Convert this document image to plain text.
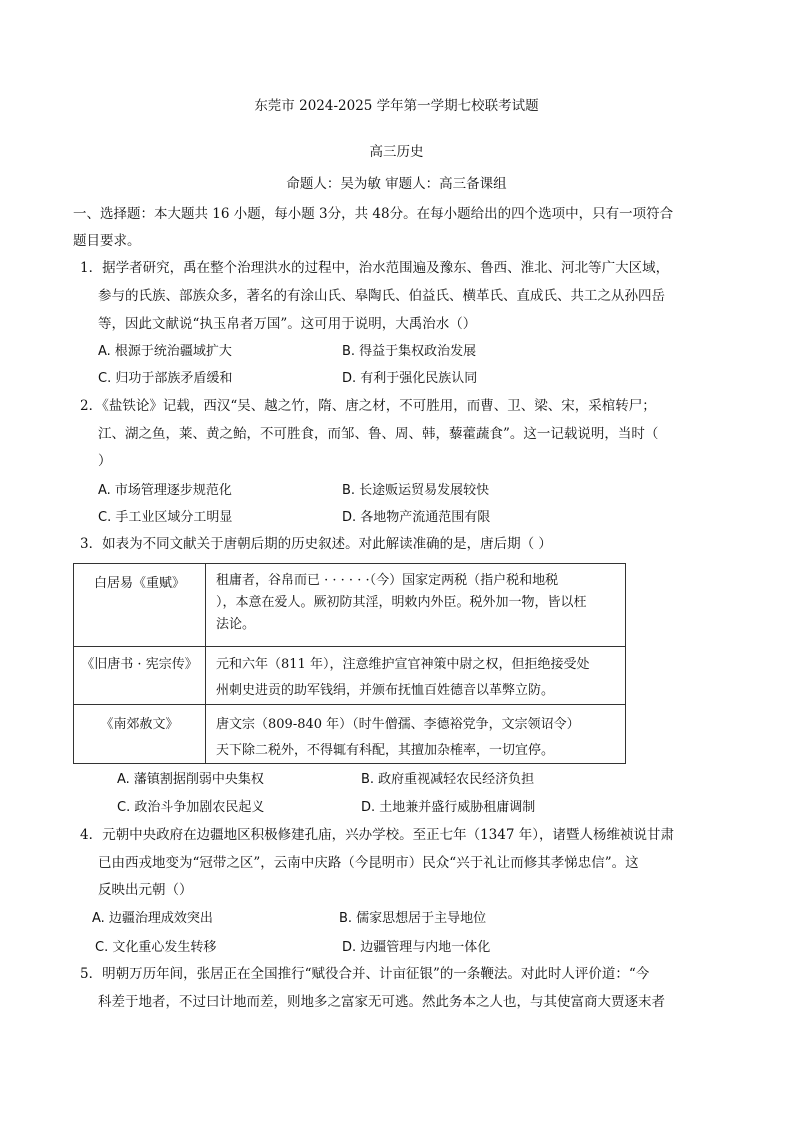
东莞市 2024-2025 学年第一学期七校联考试题
高三历史
命题人：吴为敏 审题人：高三备课组
一、选择题：本大题共 16 小题，每小题 3分，共 48分。在每小题给出的四个选项中，只有一项符合
题目要求。
1．据学者研究，禹在整个治理洪水的过程中，治水范围遍及豫东、鲁西、淮北、河北等广大区域，
参与的氏族、部族众多，著名的有涂山氏、皋陶氏、伯益氏、横革氏、直成氏、共工之从孙四岳
等，因此文献说“执玉帛者万国”。这可用于说明，大禹治水（）
A. 根源于统治疆域扩大	B. 得益于集权政治发展
C. 归功于部族矛盾缓和	D. 有利于强化民族认同
2．《盐铁论》记载，西汉“吴、越之竹，隋、唐之材，不可胜用，而曹、卫、梁、宋，采棺转尸；
江、湖之鱼，莱、黄之鲐，不可胜食，而邹、鲁、周、韩，藜藿蔬食”。这一记载说明，当时（
）
A. 市场管理逐步规范化	B. 长途贩运贸易发展较快
C. 手工业区域分工明显	D. 各地物产流通范围有限
3．如表为不同文献关于唐朝后期的历史叙述。对此解读准确的是，唐后期（ ）
白居易《重赋》	租庸者，谷帛而已 · · · · · ·（今）国家定两税（指户税和地税
），本意在爱人。厥初防其淫，明敕内外臣。税外加一物，皆以枉
法论。

《旧唐书 · 宪宗传》	元和六年（811 年），注意维护宣官神策中尉之权，但拒绝接受处
州刺史进贡的助军钱绢，并颁布抚恤百姓德音以革弊立防。

《南郊赦文》	唐文宗（809-840 年）（时牛僧孺、李德裕党争，文宗领诏令）
天下除二税外，不得辄有科配，其擅加杂榷率，一切宜停。
A. 藩镇割据削弱中央集权	B. 政府重视减轻农民经济负担
C. 政治斗争加剧农民起义	D. 土地兼并盛行威胁租庸调制
4．元朝中央政府在边疆地区积极修建孔庙，兴办学校。至正七年（1347 年），诸暨人杨维祯说甘肃
已由西戎地变为“冠带之区”，云南中庆路（今昆明市）民众“兴于礼让而修其孝悌忠信”。这
反映出元朝（）
A. 边疆治理成效突出	B. 儒家思想居于主导地位
C. 文化重心发生转移	D. 边疆管理与内地一体化
5．明朝万历年间，张居正在全国推行“赋役合并、计亩征银”的一条鞭法。对此时人评价道：“今
科差于地者，不过曰计地而差，则地多之富家无可逃。然此务本之人也，与其使富商大贾逐末者
